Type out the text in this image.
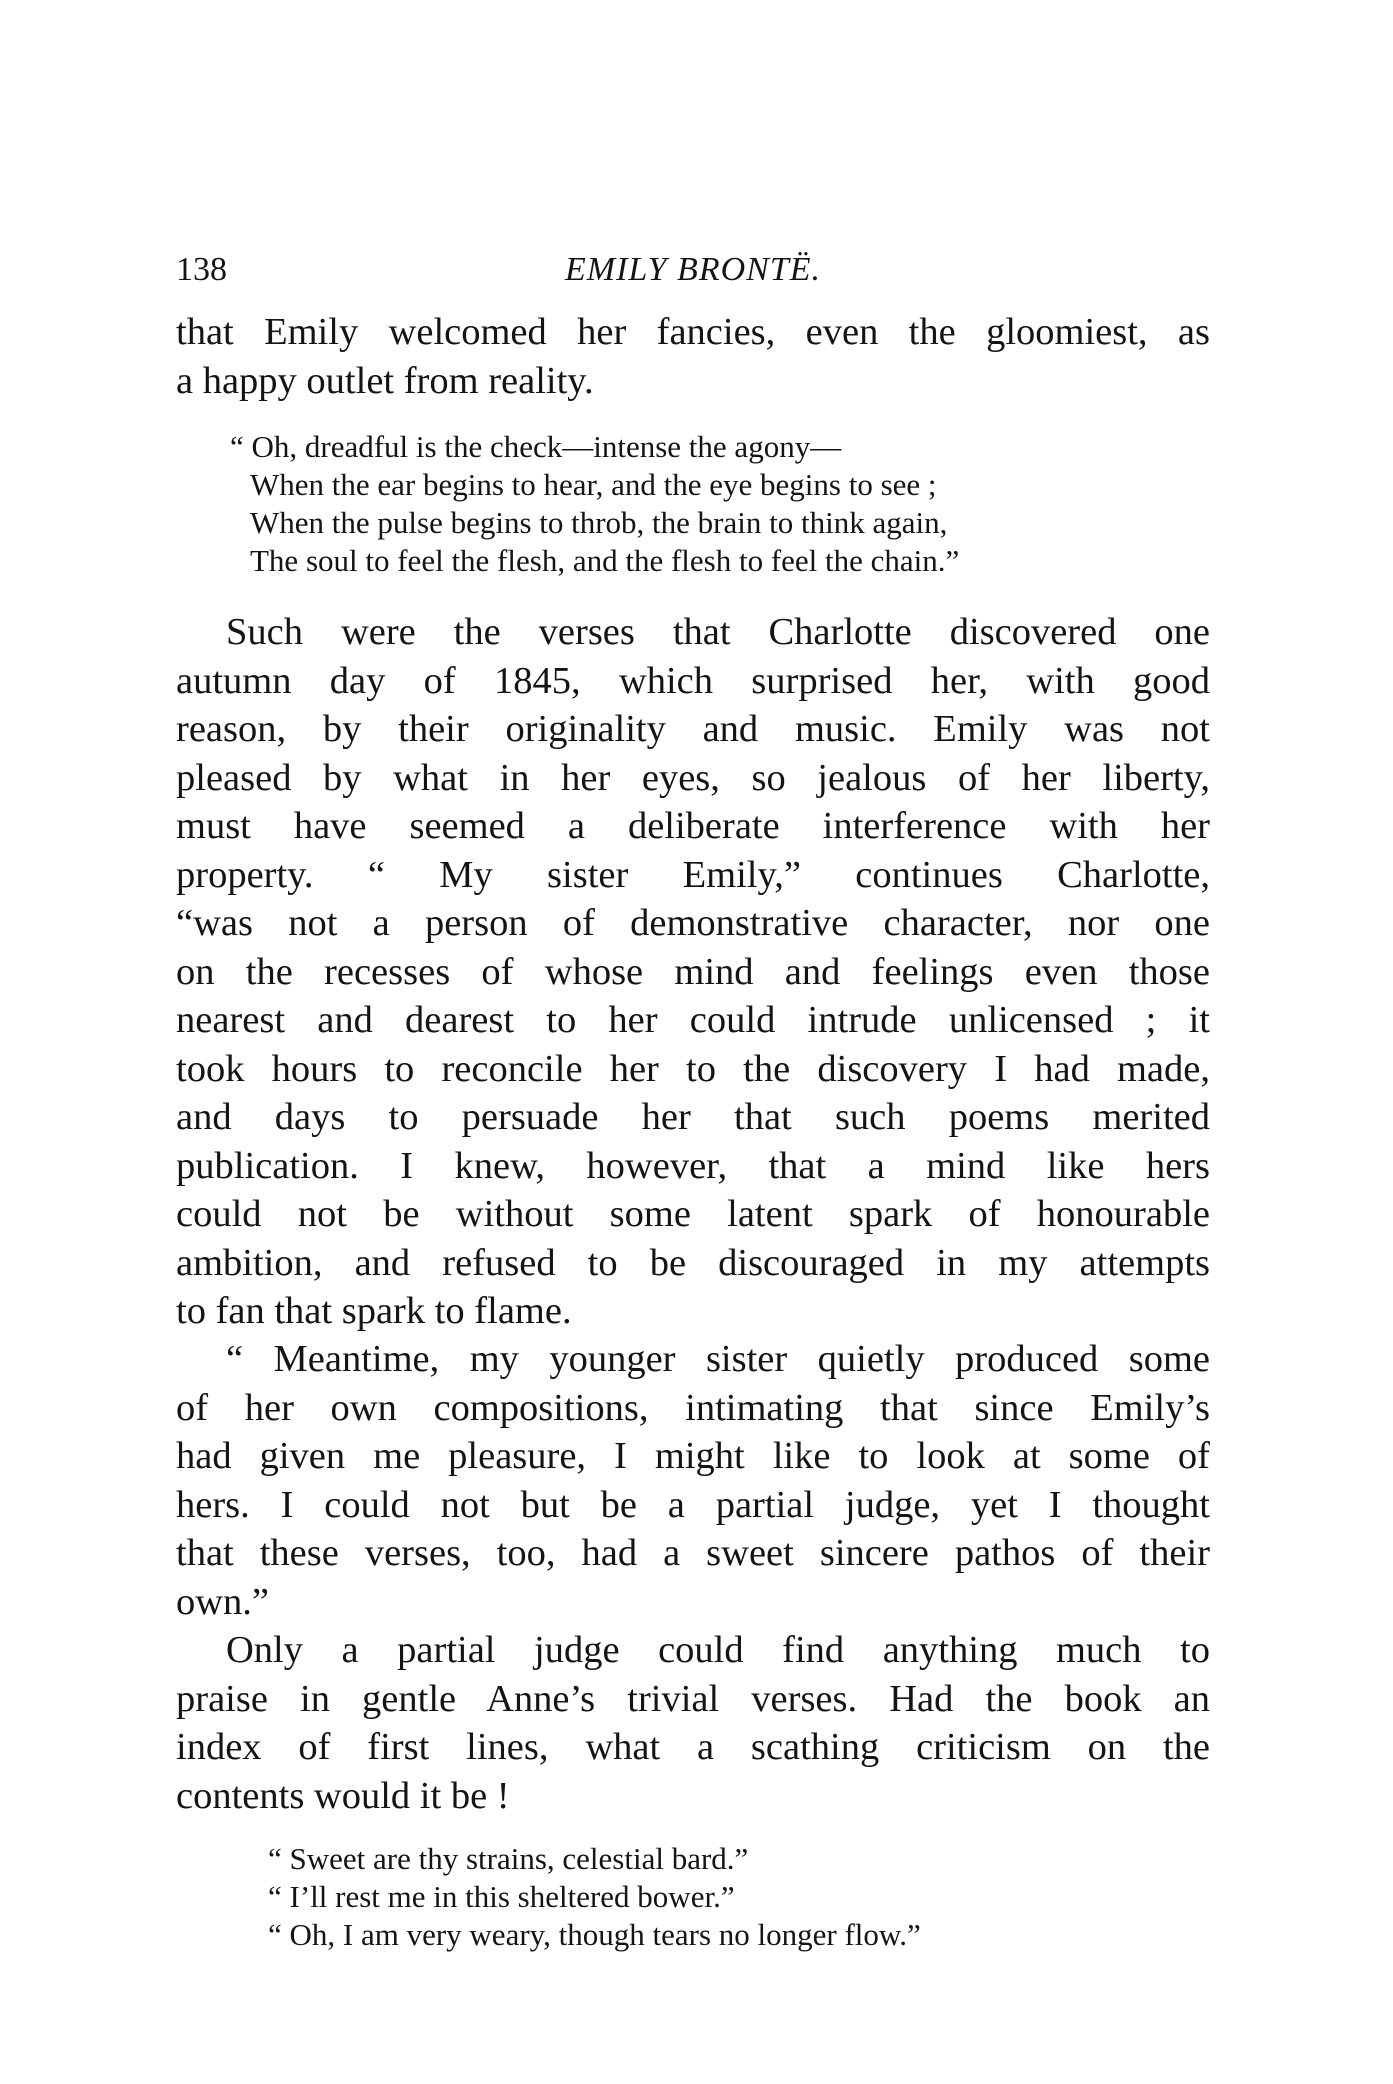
138	EMILY BRONTË.
that Emily welcomed her fancies, even the gloomiest, as
a happy outlet from reality.
“ Oh, dreadful is the check—intense the agony—
When the ear begins to hear, and the eye begins to see ;
When the pulse begins to throb, the brain to think again,
The soul to feel the flesh, and the flesh to feel the chain.”
Such were the verses that Charlotte discovered one
autumn day of 1845, which surprised her, with good
reason, by their originality and music. Emily was not
pleased by what in her eyes, so jealous of her liberty,
must have seemed a deliberate interference with her
property. “ My sister Emily,” continues Charlotte,
“was not a person of demonstrative character, nor one
on the recesses of whose mind and feelings even those
nearest and dearest to her could intrude unlicensed ; it
took hours to reconcile her to the discovery I had made,
and days to persuade her that such poems merited
publication. I knew, however, that a mind like hers
could not be without some latent spark of honourable
ambition, and refused to be discouraged in my attempts
to fan that spark to flame.
“ Meantime, my younger sister quietly produced some
of her own compositions, intimating that since Emily’s
had given me pleasure, I might like to look at some of
hers. I could not but be a partial judge, yet I thought
that these verses, too, had a sweet sincere pathos of their
own.”
Only a partial judge could find anything much to
praise in gentle Anne’s trivial verses. Had the book an
index of first lines, what a scathing criticism on the
contents would it be !
“ Sweet are thy strains, celestial bard.”
“ I’ll rest me in this sheltered bower.”
“ Oh, I am very weary, though tears no longer flow.”
